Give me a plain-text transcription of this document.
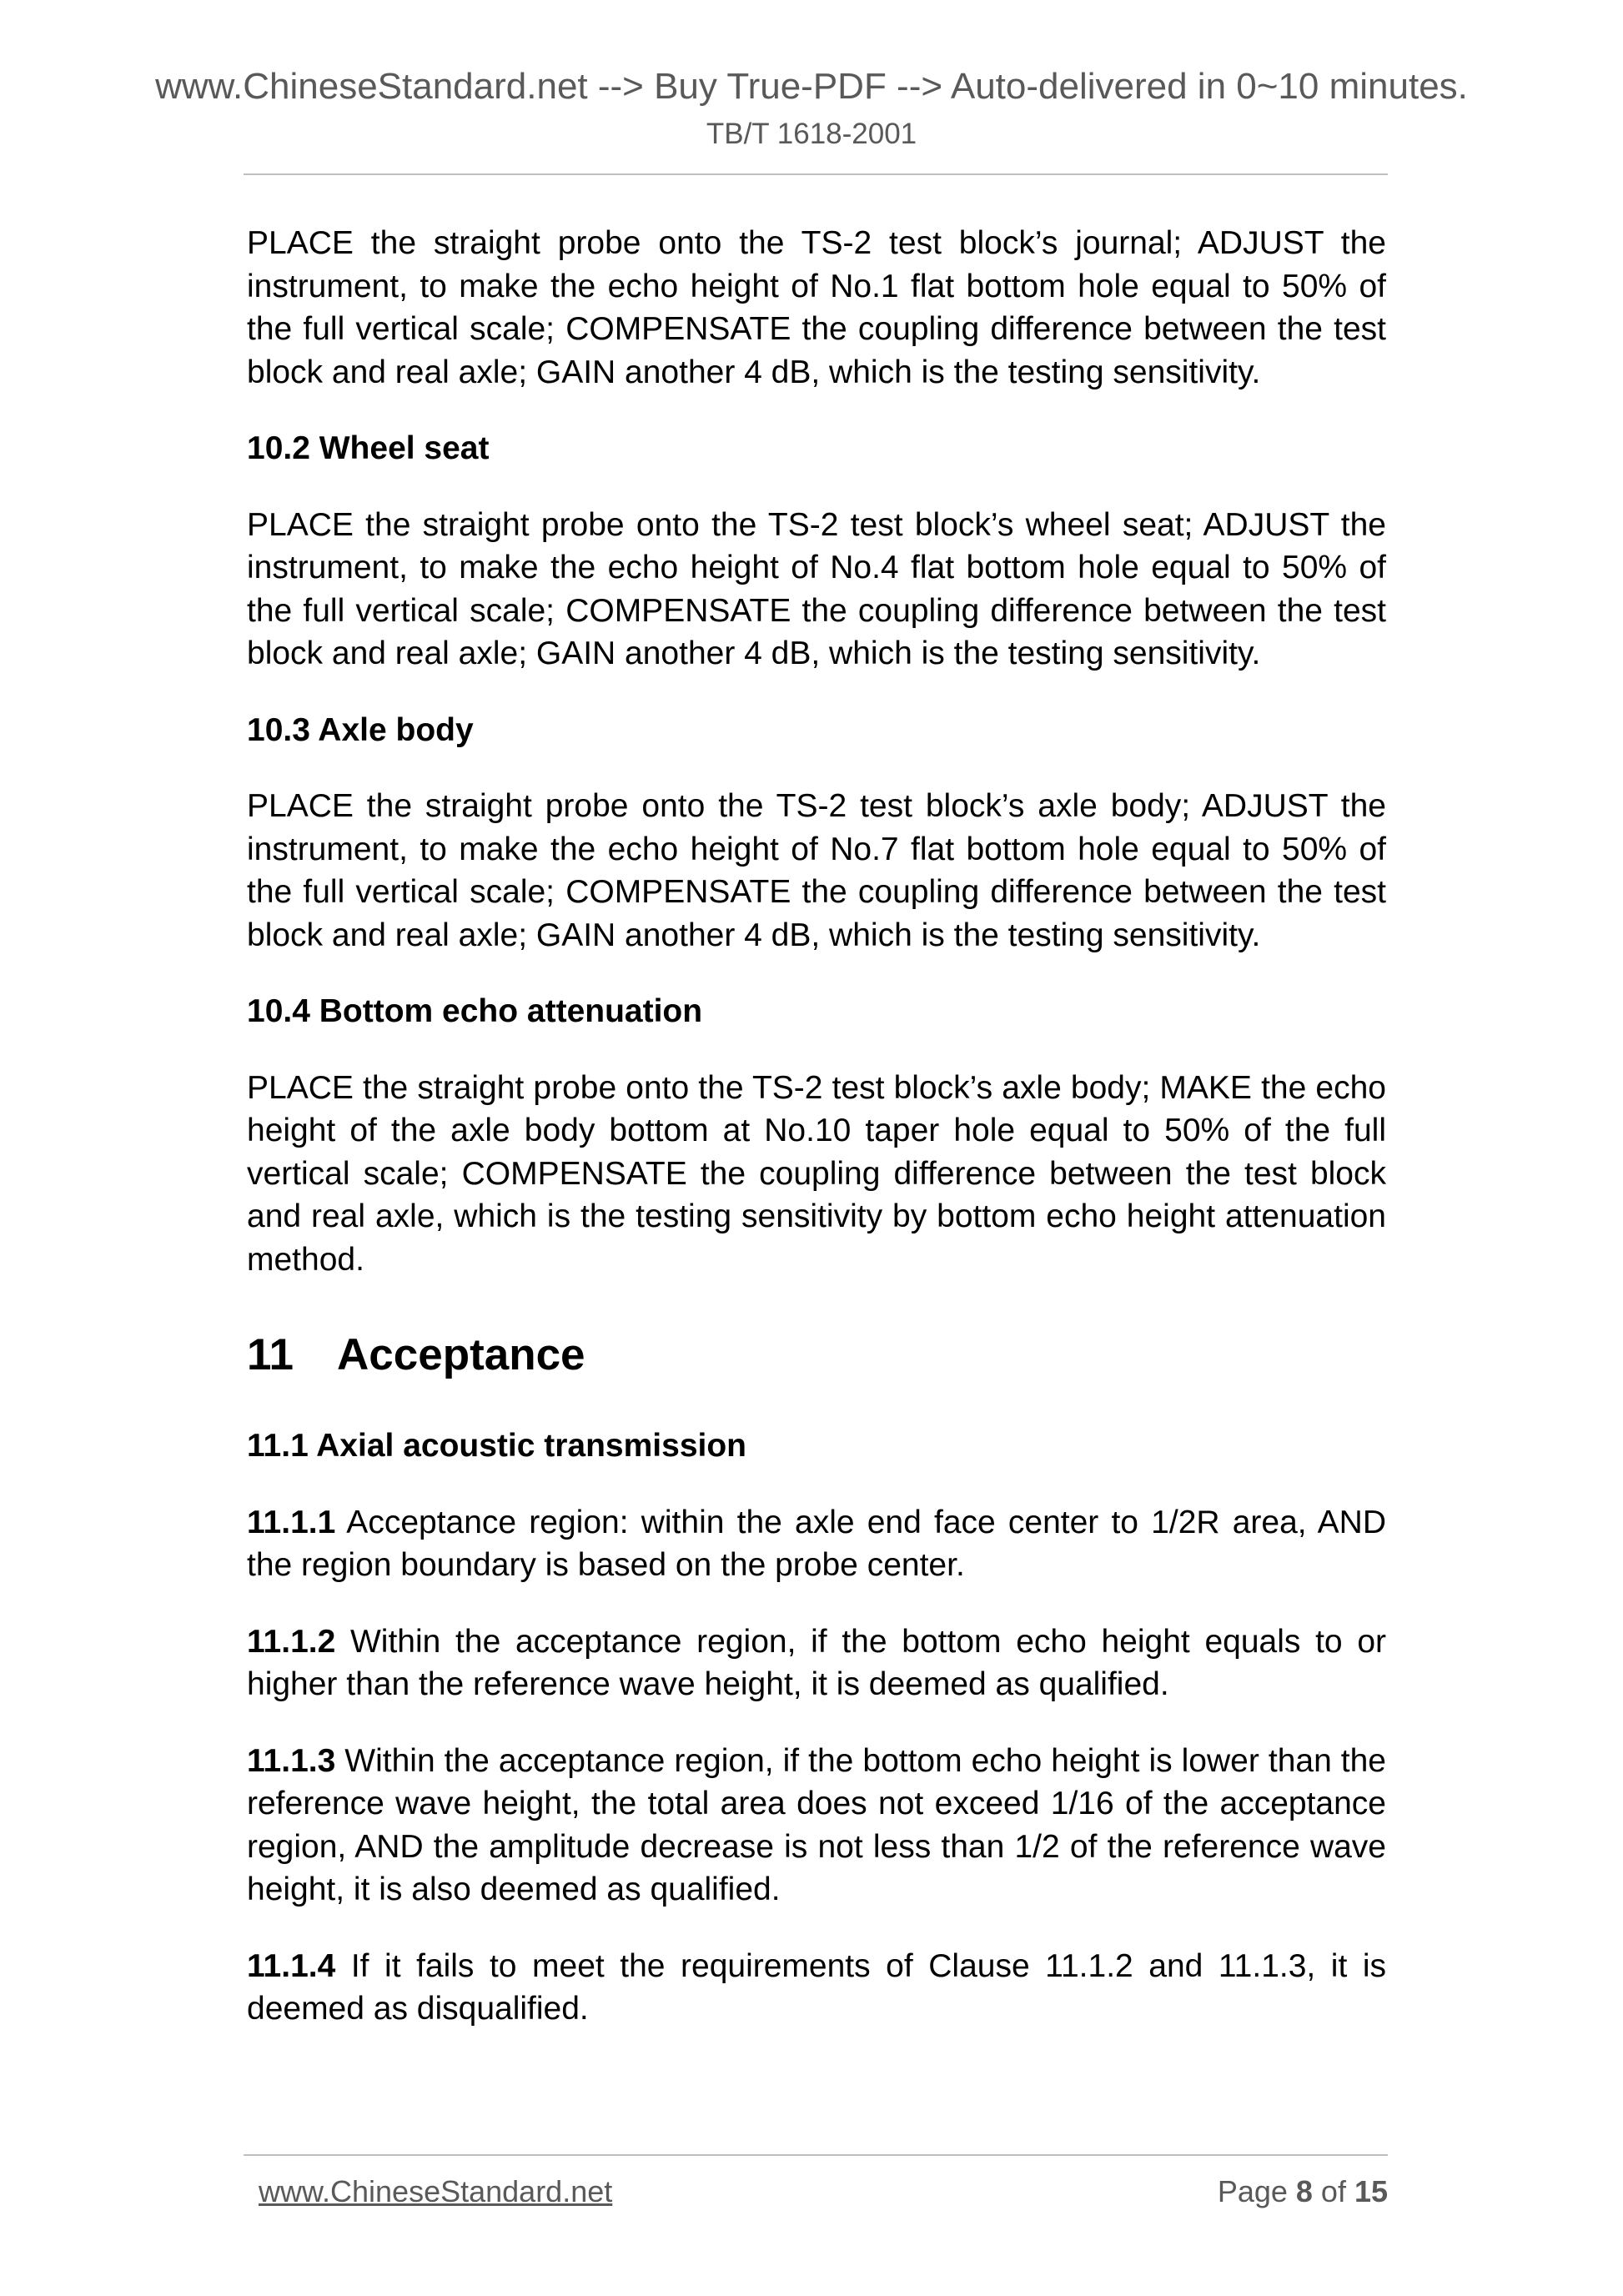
www.ChineseStandard.net --> Buy True-PDF --> Auto-delivered in 0~10 minutes.
TB/T 1618-2001

PLACE the straight probe onto the TS-2 test block’s journal; ADJUST the instrument, to make the echo height of No.1 flat bottom hole equal to 50% of the full vertical scale; COMPENSATE the coupling difference between the test block and real axle; GAIN another 4 dB, which is the testing sensitivity.

10.2 Wheel seat

PLACE the straight probe onto the TS-2 test block’s wheel seat; ADJUST the instrument, to make the echo height of No.4 flat bottom hole equal to 50% of the full vertical scale; COMPENSATE the coupling difference between the test block and real axle; GAIN another 4 dB, which is the testing sensitivity.

10.3 Axle body

PLACE the straight probe onto the TS-2 test block’s axle body; ADJUST the instrument, to make the echo height of No.7 flat bottom hole equal to 50% of the full vertical scale; COMPENSATE the coupling difference between the test block and real axle; GAIN another 4 dB, which is the testing sensitivity.

10.4 Bottom echo attenuation

PLACE the straight probe onto the TS-2 test block’s axle body; MAKE the echo height of the axle body bottom at No.10 taper hole equal to 50% of the full vertical scale; COMPENSATE the coupling difference between the test block and real axle, which is the testing sensitivity by bottom echo height attenuation method.

11 Acceptance
11.1 Axial acoustic transmission

11.1.1 Acceptance region: within the axle end face center to 1/2R area, AND the region boundary is based on the probe center.

11.1.2 Within the acceptance region, if the bottom echo height equals to or higher than the reference wave height, it is deemed as qualified.

11.1.3 Within the acceptance region, if the bottom echo height is lower than the reference wave height, the total area does not exceed 1/16 of the acceptance region, AND the amplitude decrease is not less than 1/2 of the reference wave height, it is also deemed as qualified.

11.1.4 If it fails to meet the requirements of Clause 11.1.2 and 11.1.3, it is deemed as disqualified.

www.ChineseStandard.net	Page 8 of 15
